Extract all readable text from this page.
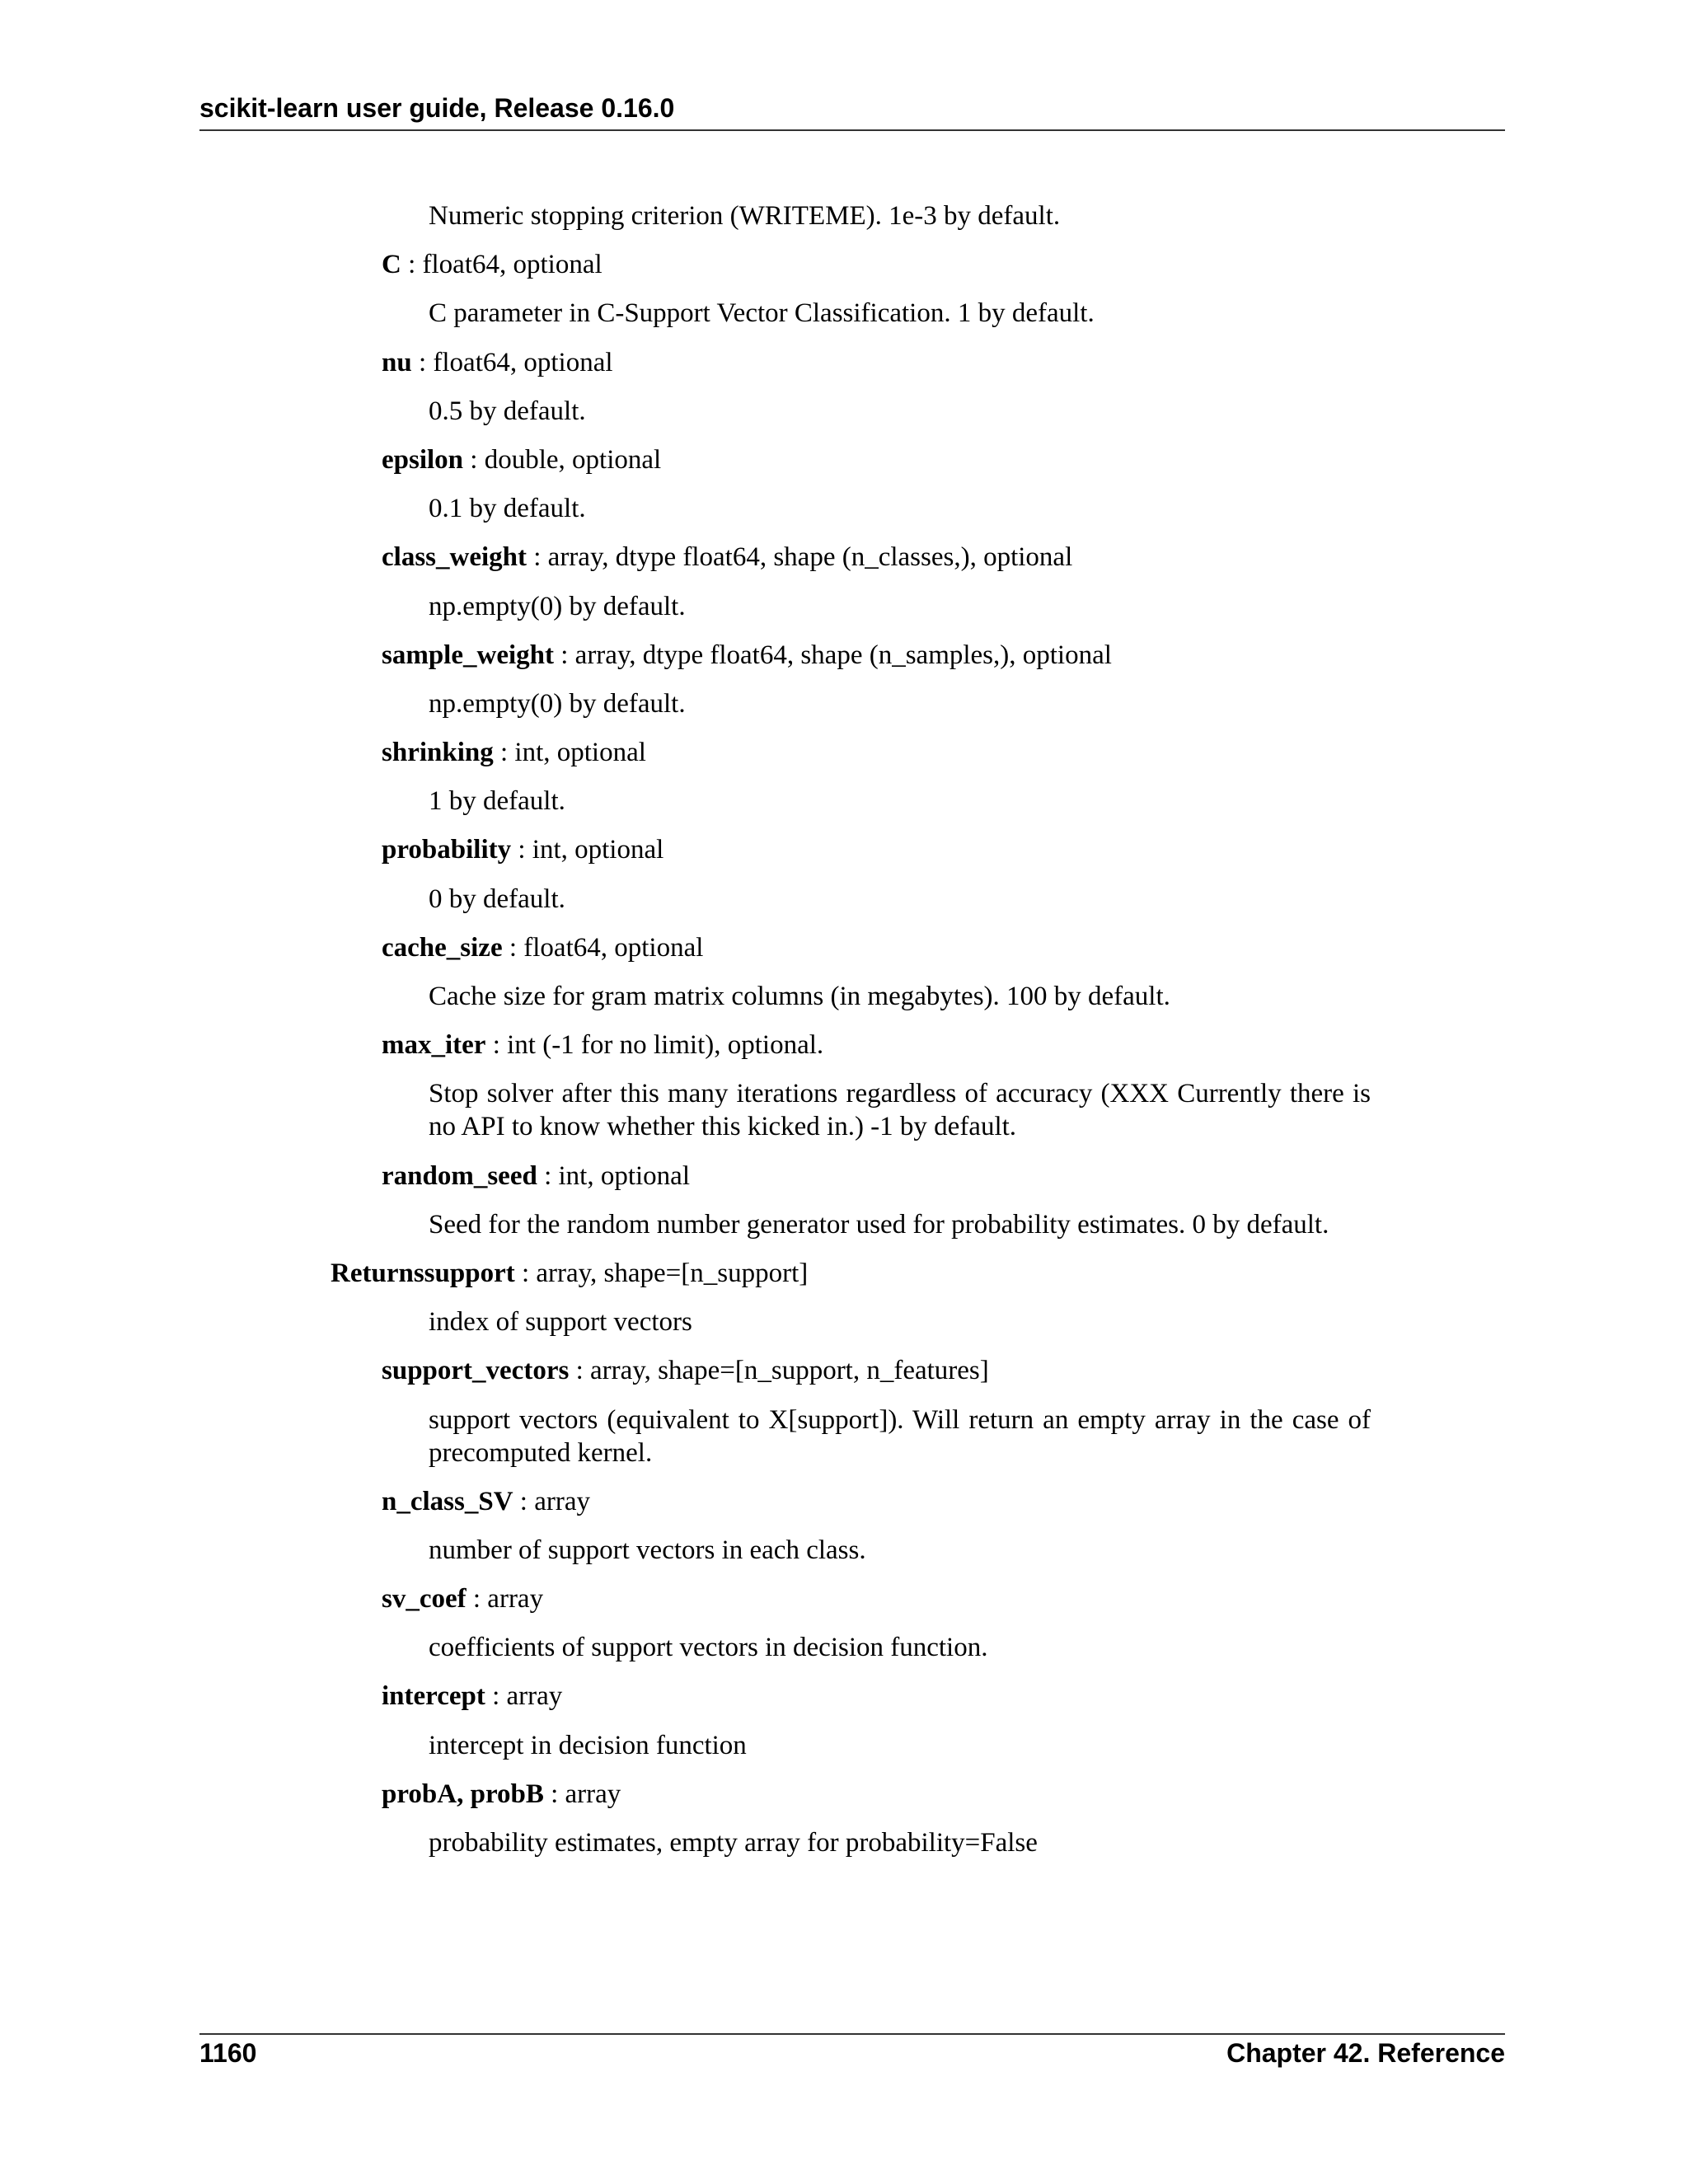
scikit-learn user guide, Release 0.16.0
Numeric stopping criterion (WRITEME). 1e-3 by default.
C : float64, optional
C parameter in C-Support Vector Classification. 1 by default.
nu : float64, optional
0.5 by default.
epsilon : double, optional
0.1 by default.
class_weight : array, dtype float64, shape (n_classes,), optional
np.empty(0) by default.
sample_weight : array, dtype float64, shape (n_samples,), optional
np.empty(0) by default.
shrinking : int, optional
1 by default.
probability : int, optional
0 by default.
cache_size : float64, optional
Cache size for gram matrix columns (in megabytes). 100 by default.
max_iter : int (-1 for no limit), optional.
Stop solver after this many iterations regardless of accuracy (XXX Currently there is no API to know whether this kicked in.) -1 by default.
random_seed : int, optional
Seed for the random number generator used for probability estimates. 0 by default.
Returnssupport : array, shape=[n_support]
index of support vectors
support_vectors : array, shape=[n_support, n_features]
support vectors (equivalent to X[support]). Will return an empty array in the case of precomputed kernel.
n_class_SV : array
number of support vectors in each class.
sv_coef : array
coefficients of support vectors in decision function.
intercept : array
intercept in decision function
probA, probB : array
probability estimates, empty array for probability=False
1160	Chapter 42. Reference
